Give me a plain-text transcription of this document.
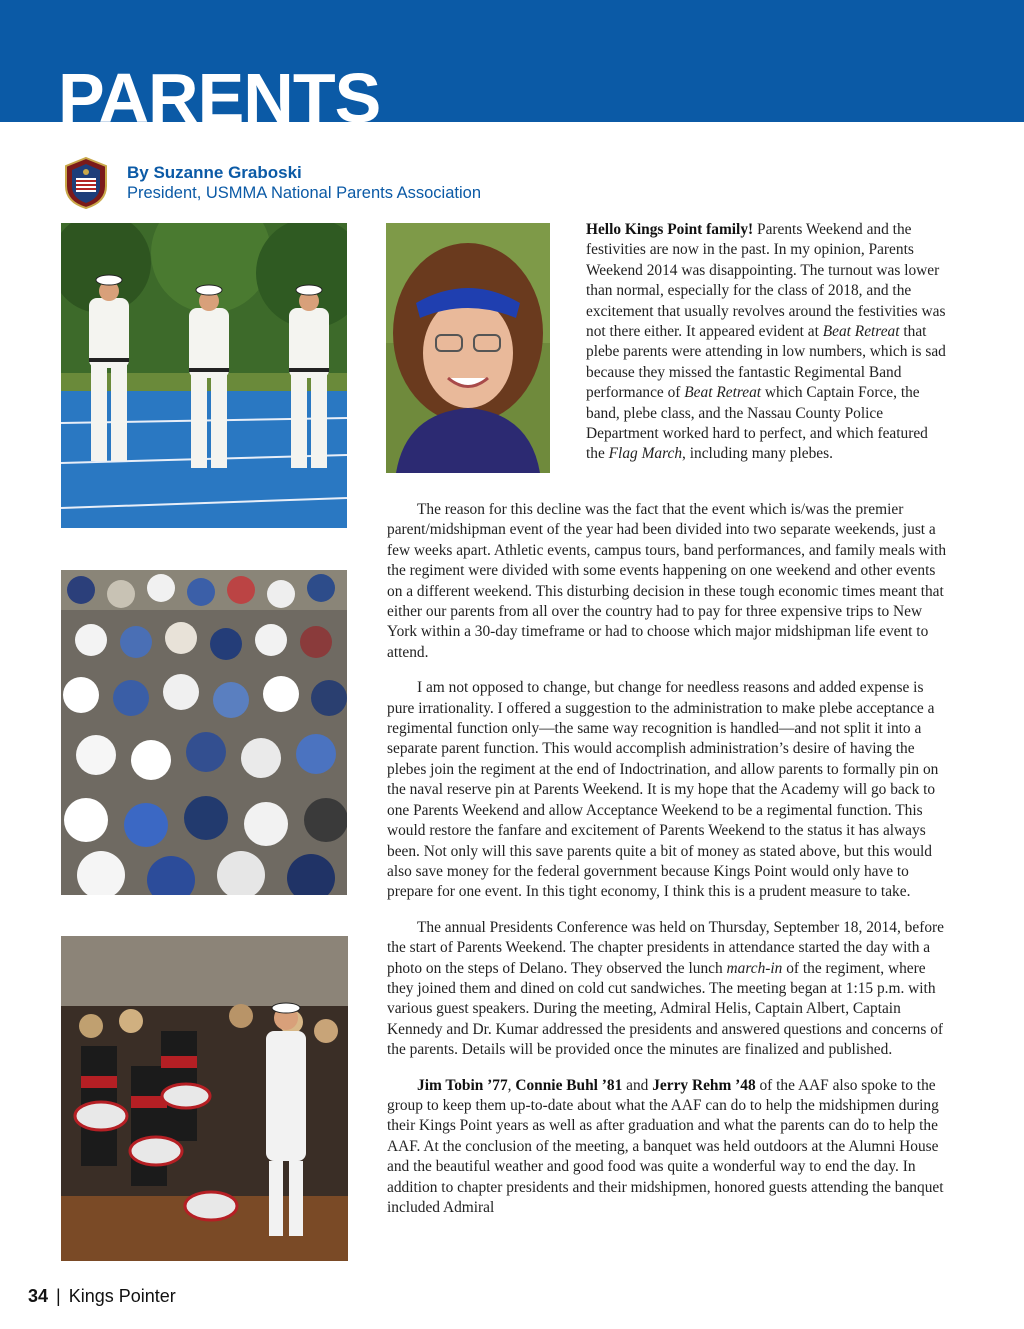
PARENTS
By Suzanne Graboski
President, USMMA National Parents Association

Hello Kings Point family! Parents Weekend and the festivities are now in the past. In my opinion, Parents Weekend 2014 was disappointing. The turnout was lower than normal, especially for the class of 2018, and the excitement that usually revolves around the festivities was not there either. It appeared evident at Beat Retreat that plebe parents were attending in low numbers, which is sad because they missed the fantastic Regimental Band performance of Beat Retreat which Captain Force, the band, plebe class, and the Nassau County Police Department worked hard to perfect, and which featured the Flag March, including many plebes.

The reason for this decline was the fact that the event which is/was the premier parent/midshipman event of the year had been divided into two separate weekends, just a few weeks apart. Athletic events, campus tours, band performances, and family meals with the regiment were divided with some events happening on one weekend and other events on a different weekend. This disturbing decision in these tough economic times meant that either our parents from all over the country had to pay for three expensive trips to New York within a 30-day timeframe or had to choose which major midshipman life event to attend.

I am not opposed to change, but change for needless reasons and added expense is pure irrationality. I offered a suggestion to the administration to make plebe acceptance a regimental function only—the same way recognition is handled—and not split it into a separate parent function. This would accomplish administration’s desire of having the plebes join the regiment at the end of Indoctrination, and allow parents to formally pin on the naval reserve pin at Parents Weekend. It is my hope that the Academy will go back to one Parents Weekend and allow Acceptance Weekend to be a regimental function. This would restore the fanfare and excitement of Parents Weekend to the status it has always been. Not only will this save parents quite a bit of money as stated above, but this would also save money for the federal government because Kings Point would only have to prepare for one event. In this tight economy, I think this is a prudent measure to take.

The annual Presidents Conference was held on Thursday, September 18, 2014, before the start of Parents Weekend. The chapter presidents in attendance started the day with a photo on the steps of Delano. They observed the lunch march-in of the regiment, where they joined them and dined on cold cut sandwiches. The meeting began at 1:15 p.m. with various guest speakers. During the meeting, Admiral Helis, Captain Albert, Captain Kennedy and Dr. Kumar addressed the presidents and answered questions and concerns of the parents. Details will be provided once the minutes are finalized and published.

Jim Tobin ’77, Connie Buhl ’81 and Jerry Rehm ’48 of the AAF also spoke to the group to keep them up-to-date about what the AAF can do to help the midshipmen during their Kings Point years as well as after graduation and what the parents can do to help the AAF. At the conclusion of the meeting, a banquet was held outdoors at the Alumni House and the beautiful weather and good food was quite a wonderful way to end the day. In addition to chapter presidents and their midshipmen, honored guests attending the banquet included Admiral

34 | Kings Pointer
